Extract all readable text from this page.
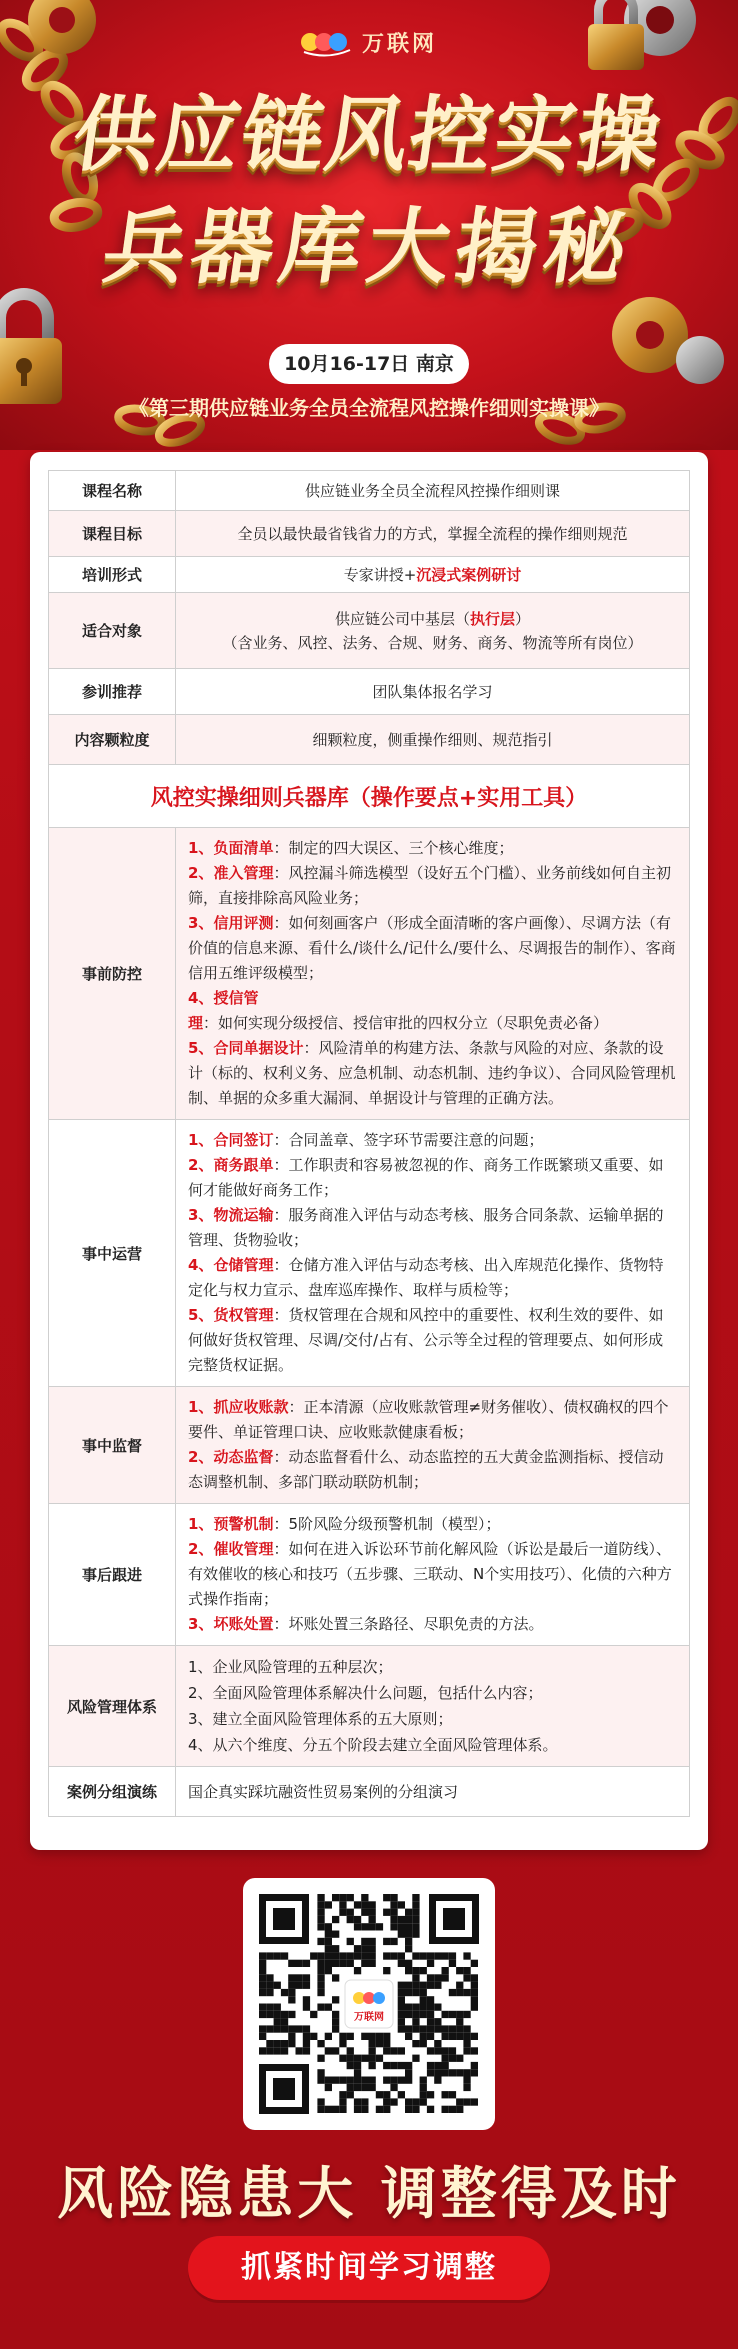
万联网
供应链风控实操
兵器库大揭秘
10月16-17日 南京
《第三期供应链业务全员全流程风控操作细则实操课》
课程名称	供应链业务全员全流程风控操作细则课
课程目标	全员以最快最省钱省力的方式，掌握全流程的操作细则规范
培训形式	专家讲授+沉浸式案例研讨
适合对象	供应链公司中基层（执行层）
（含业务、风控、法务、合规、财务、商务、物流等所有岗位）

参训推荐	团队集体报名学习
内容颗粒度	细颗粒度，侧重操作细则、规范指引
风控实操细则兵器库（操作要点+实用工具）	
事前防控	1、负面清单：制定的四大误区、三个核心维度；
2、准入管理：风控漏斗筛选模型（设好五个门槛）、业务前线如何自主初筛，直接排除高风险业务；
3、信用评测：如何刻画客户（形成全面清晰的客户画像）、尽调方法（有价值的信息来源、看什么/谈什么/记什么/要什么、尽调报告的制作）、客商信用五维评级模型；
4、授信管理：如何实现分级授信、授信审批的四权分立（尽职免责必备）
5、合同单据设计：风险清单的构建方法、条款与风险的对应、条款的设计（标的、权利义务、应急机制、动态机制、违约争议）、合同风险管理机制、单据的众多重大漏洞、单据设计与管理的正确方法。

事中运营	1、合同签订：合同盖章、签字环节需要注意的问题；
2、商务跟单：工作职责和容易被忽视的作、商务工作既繁琐又重要、如何才能做好商务工作；
3、物流运输：服务商准入评估与动态考核、服务合同条款、运输单据的管理、货物验收；
4、仓储管理：仓储方准入评估与动态考核、出入库规范化操作、货物特定化与权力宣示、盘库巡库操作、取样与质检等；
5、货权管理：货权管理在合规和风控中的重要性、权利生效的要件、如何做好货权管理、尽调/交付/占有、公示等全过程的管理要点、如何形成完整货权证据。

事中监督	1、抓应收账款：正本清源（应收账款管理≠财务催收）、债权确权的四个要件、单证管理口诀、应收账款健康看板；
2、动态监督：动态监督看什么、动态监控的五大黄金监测指标、授信动态调整机制、多部门联动联防机制；

事后跟进	1、预警机制：5阶风险分级预警机制（模型）；
2、催收管理：如何在进入诉讼环节前化解风险（诉讼是最后一道防线）、有效催收的核心和技巧（五步骤、三联动、N个实用技巧）、化债的六种方式操作指南；
3、坏账处置：坏账处置三条路径、尽职免责的方法。

风险管理体系	1、企业风险管理的五种层次；
2、全面风险管理体系解决什么问题，包括什么内容；
3、建立全面风险管理体系的五大原则；
4、从六个维度、分五个阶段去建立全面风险管理体系。

案例分组演练	国企真实踩坑融资性贸易案例的分组演习
万联网
风险隐患大 调整得及时
抓紧时间学习调整
